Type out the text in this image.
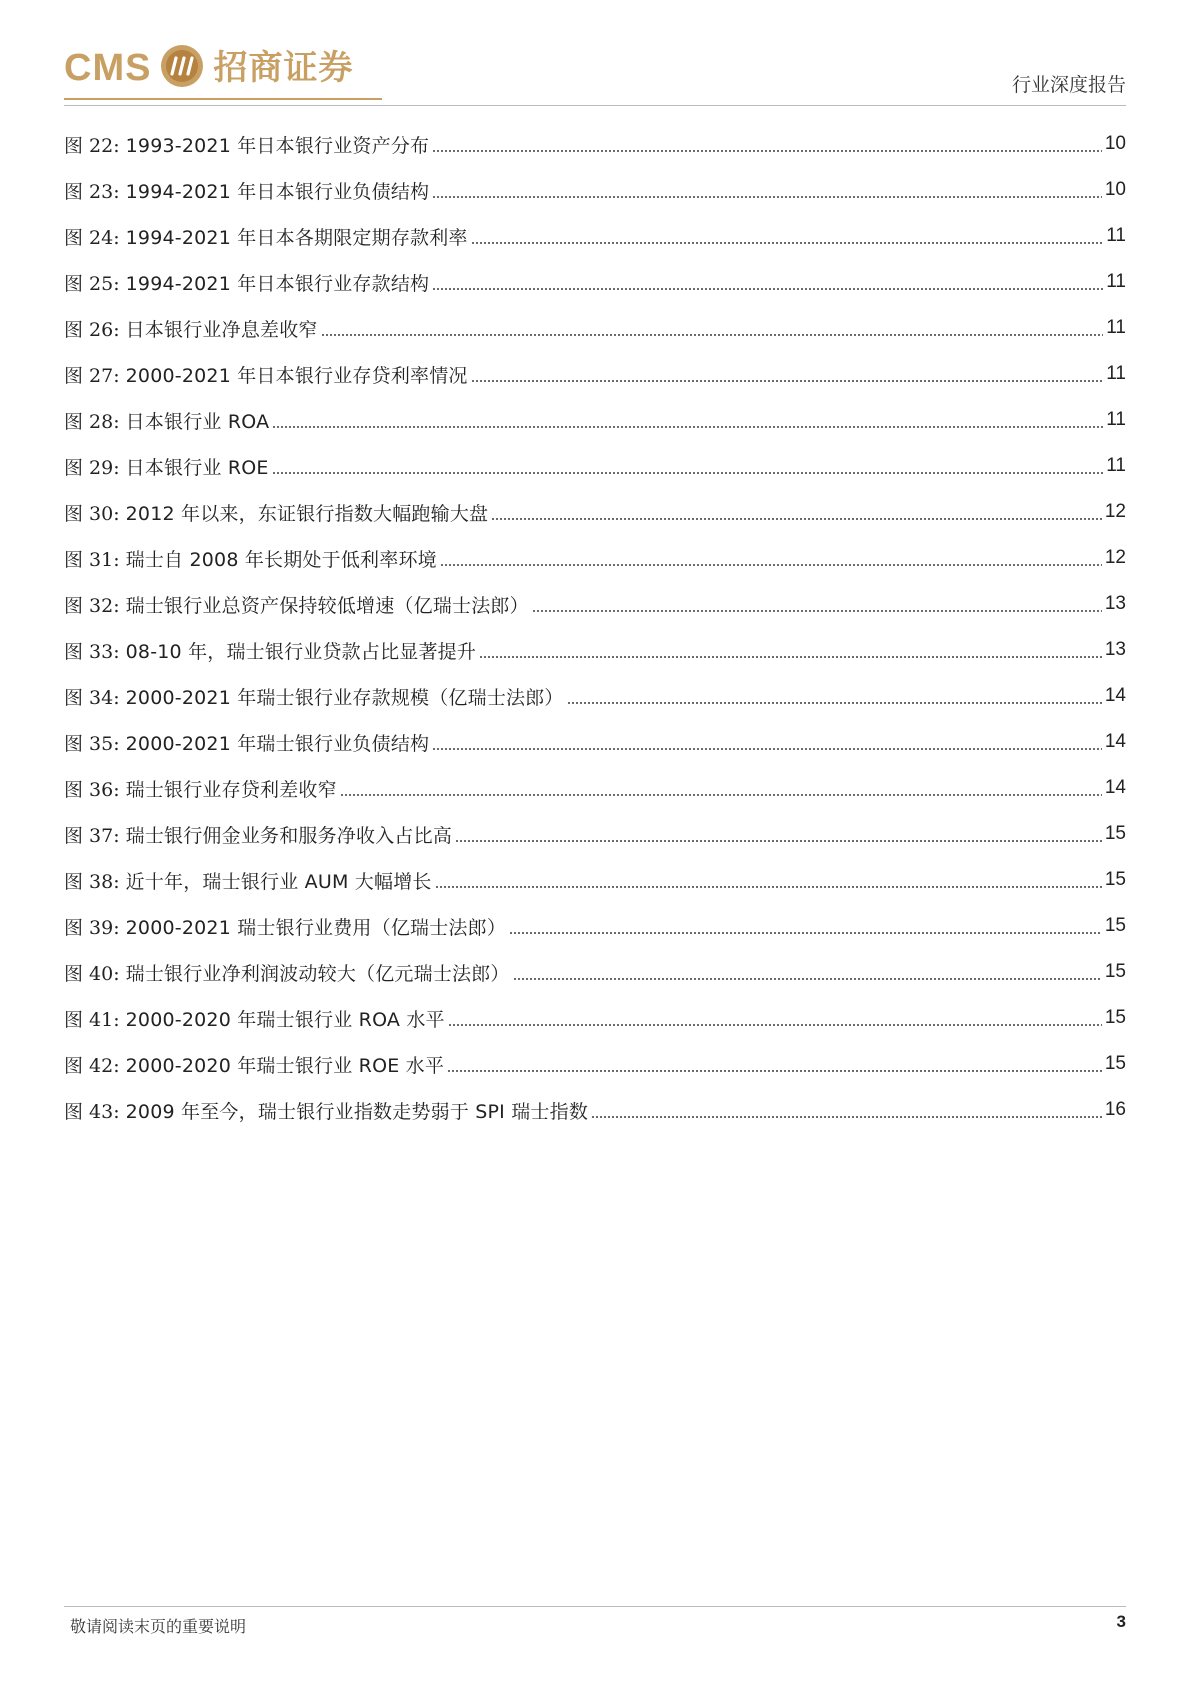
CMS 招商证券	行业深度报告
图 22: 1993-2021 年日本银行业资产分布	10
图 23: 1994-2021 年日本银行业负债结构	10
图 24: 1994-2021 年日本各期限定期存款利率	11
图 25: 1994-2021 年日本银行业存款结构	11
图 26: 日本银行业净息差收窄	11
图 27: 2000-2021 年日本银行业存贷利率情况	11
图 28: 日本银行业 ROA	11
图 29: 日本银行业 ROE	11
图 30: 2012 年以来，东证银行指数大幅跑输大盘	12
图 31: 瑞士自 2008 年长期处于低利率环境	12
图 32: 瑞士银行业总资产保持较低增速（亿瑞士法郎）	13
图 33: 08-10 年，瑞士银行业贷款占比显著提升	13
图 34: 2000-2021 年瑞士银行业存款规模（亿瑞士法郎）	14
图 35: 2000-2021 年瑞士银行业负债结构	14
图 36: 瑞士银行业存贷利差收窄	14
图 37: 瑞士银行佣金业务和服务净收入占比高	15
图 38: 近十年，瑞士银行业 AUM 大幅增长	15
图 39: 2000-2021 瑞士银行业费用（亿瑞士法郎）	15
图 40: 瑞士银行业净利润波动较大（亿元瑞士法郎）	15
图 41: 2000-2020 年瑞士银行业 ROA 水平	15
图 42: 2000-2020 年瑞士银行业 ROE 水平	15
图 43: 2009 年至今，瑞士银行业指数走势弱于 SPI 瑞士指数	16
敬请阅读末页的重要说明	3
